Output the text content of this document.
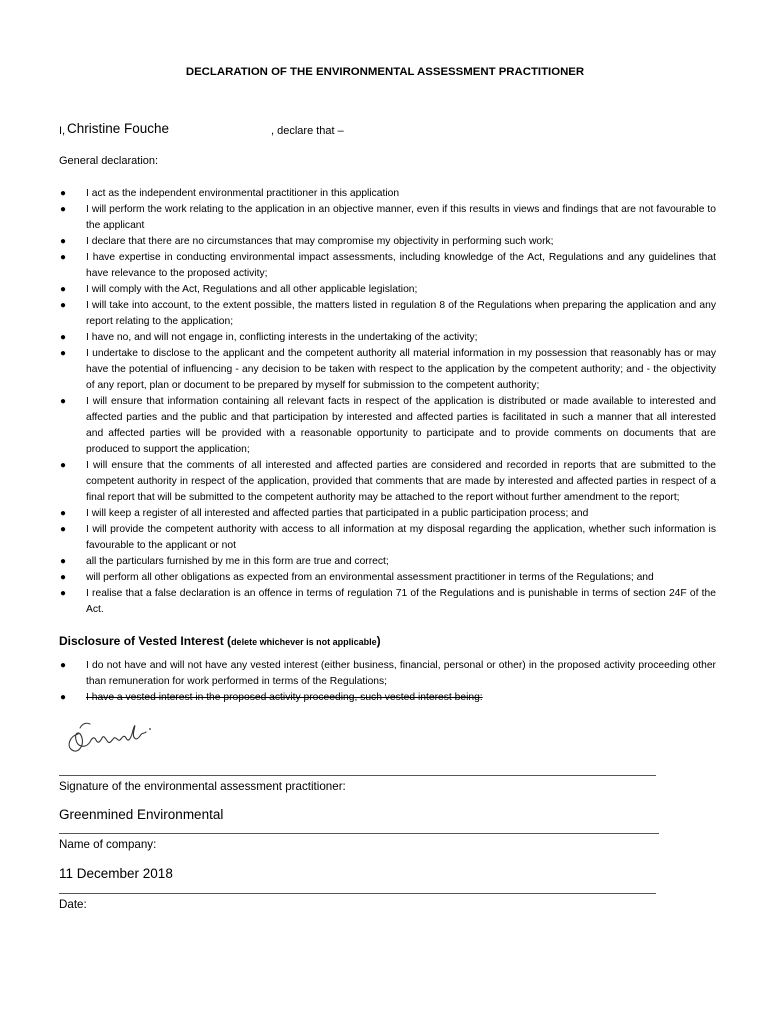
DECLARATION OF THE ENVIRONMENTAL ASSESSMENT PRACTITIONER
I, Christine Fouche	, declare that –
General declaration:
● I act as the independent environmental practitioner in this application
● I will perform the work relating to the application in an objective manner, even if this results in views and findings that are not favourable to the applicant
● I declare that there are no circumstances that may compromise my objectivity in performing such work;
● I have expertise in conducting environmental impact assessments, including knowledge of the Act, Regulations and any guidelines that have relevance to the proposed activity;
● I will comply with the Act, Regulations and all other applicable legislation;
● I will take into account, to the extent possible, the matters listed in regulation 8 of the Regulations when preparing the application and any report relating to the application;
● I have no, and will not engage in, conflicting interests in the undertaking of the activity;
● I undertake to disclose to the applicant and the competent authority all material information in my possession that reasonably has or may have the potential of influencing - any decision to be taken with respect to the application by the competent authority; and - the objectivity of any report, plan or document to be prepared by myself for submission to the competent authority;
● I will ensure that information containing all relevant facts in respect of the application is distributed or made available to interested and affected parties and the public and that participation by interested and affected parties is facilitated in such a manner that all interested and affected parties will be provided with a reasonable opportunity to participate and to provide comments on documents that are produced to support the application;
● I will ensure that the comments of all interested and affected parties are considered and recorded in reports that are submitted to the competent authority in respect of the application, provided that comments that are made by interested and affected parties in respect of a final report that will be submitted to the competent authority may be attached to the report without further amendment to the report;
● I will keep a register of all interested and affected parties that participated in a public participation process; and
● I will provide the competent authority with access to all information at my disposal regarding the application, whether such information is favourable to the applicant or not
● all the particulars furnished by me in this form are true and correct;
● will perform all other obligations as expected from an environmental assessment practitioner in terms of the Regulations; and
● I realise that a false declaration is an offence in terms of regulation 71 of the Regulations and is punishable in terms of section 24F of the Act.
Disclosure of Vested Interest (delete whichever is not applicable)
● I do not have and will not have any vested interest (either business, financial, personal or other) in the proposed activity proceeding other than remuneration for work performed in terms of the Regulations;
● I have a vested interest in the proposed activity proceeding, such vested interest being:
Signature of the environmental assessment practitioner:
Greenmined Environmental
Name of company:
11 December 2018
Date:
